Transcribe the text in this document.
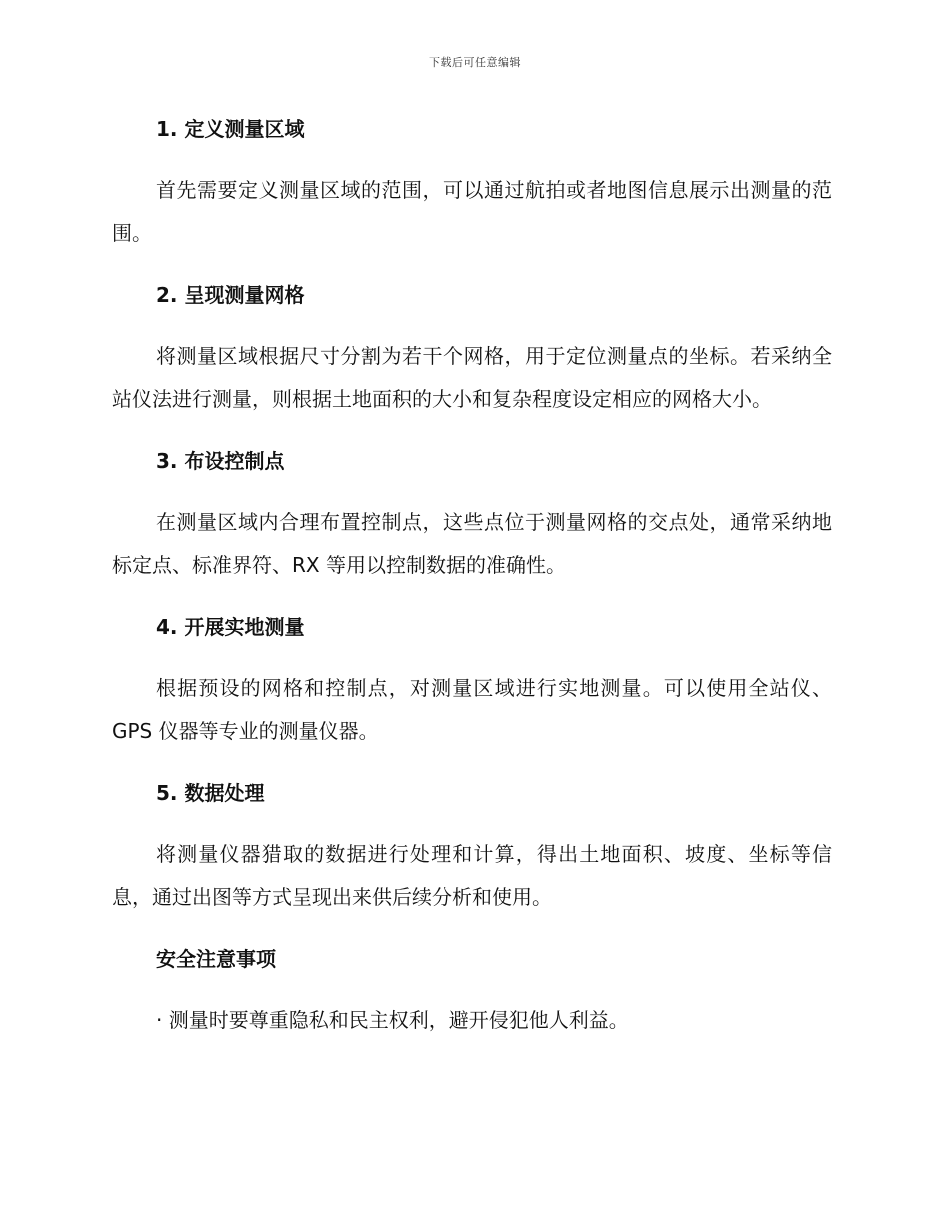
下载后可任意编辑
1. 定义测量区域

首先需要定义测量区域的范围，可以通过航拍或者地图信息展示出测量的范围。

2. 呈现测量网格

将测量区域根据尺寸分割为若干个网格，用于定位测量点的坐标。若采纳全站仪法进行测量，则根据土地面积的大小和复杂程度设定相应的网格大小。

3. 布设控制点

在测量区域内合理布置控制点，这些点位于测量网格的交点处，通常采纳地标定点、标准界符、RX 等用以控制数据的准确性。

4. 开展实地测量

根据预设的网格和控制点，对测量区域进行实地测量。可以使用全站仪、GPS 仪器等专业的测量仪器。

5. 数据处理

将测量仪器猎取的数据进行处理和计算，得出土地面积、坡度、坐标等信息，通过出图等方式呈现出来供后续分析和使用。

安全注意事项

· 测量时要尊重隐私和民主权利，避开侵犯他人利益。
